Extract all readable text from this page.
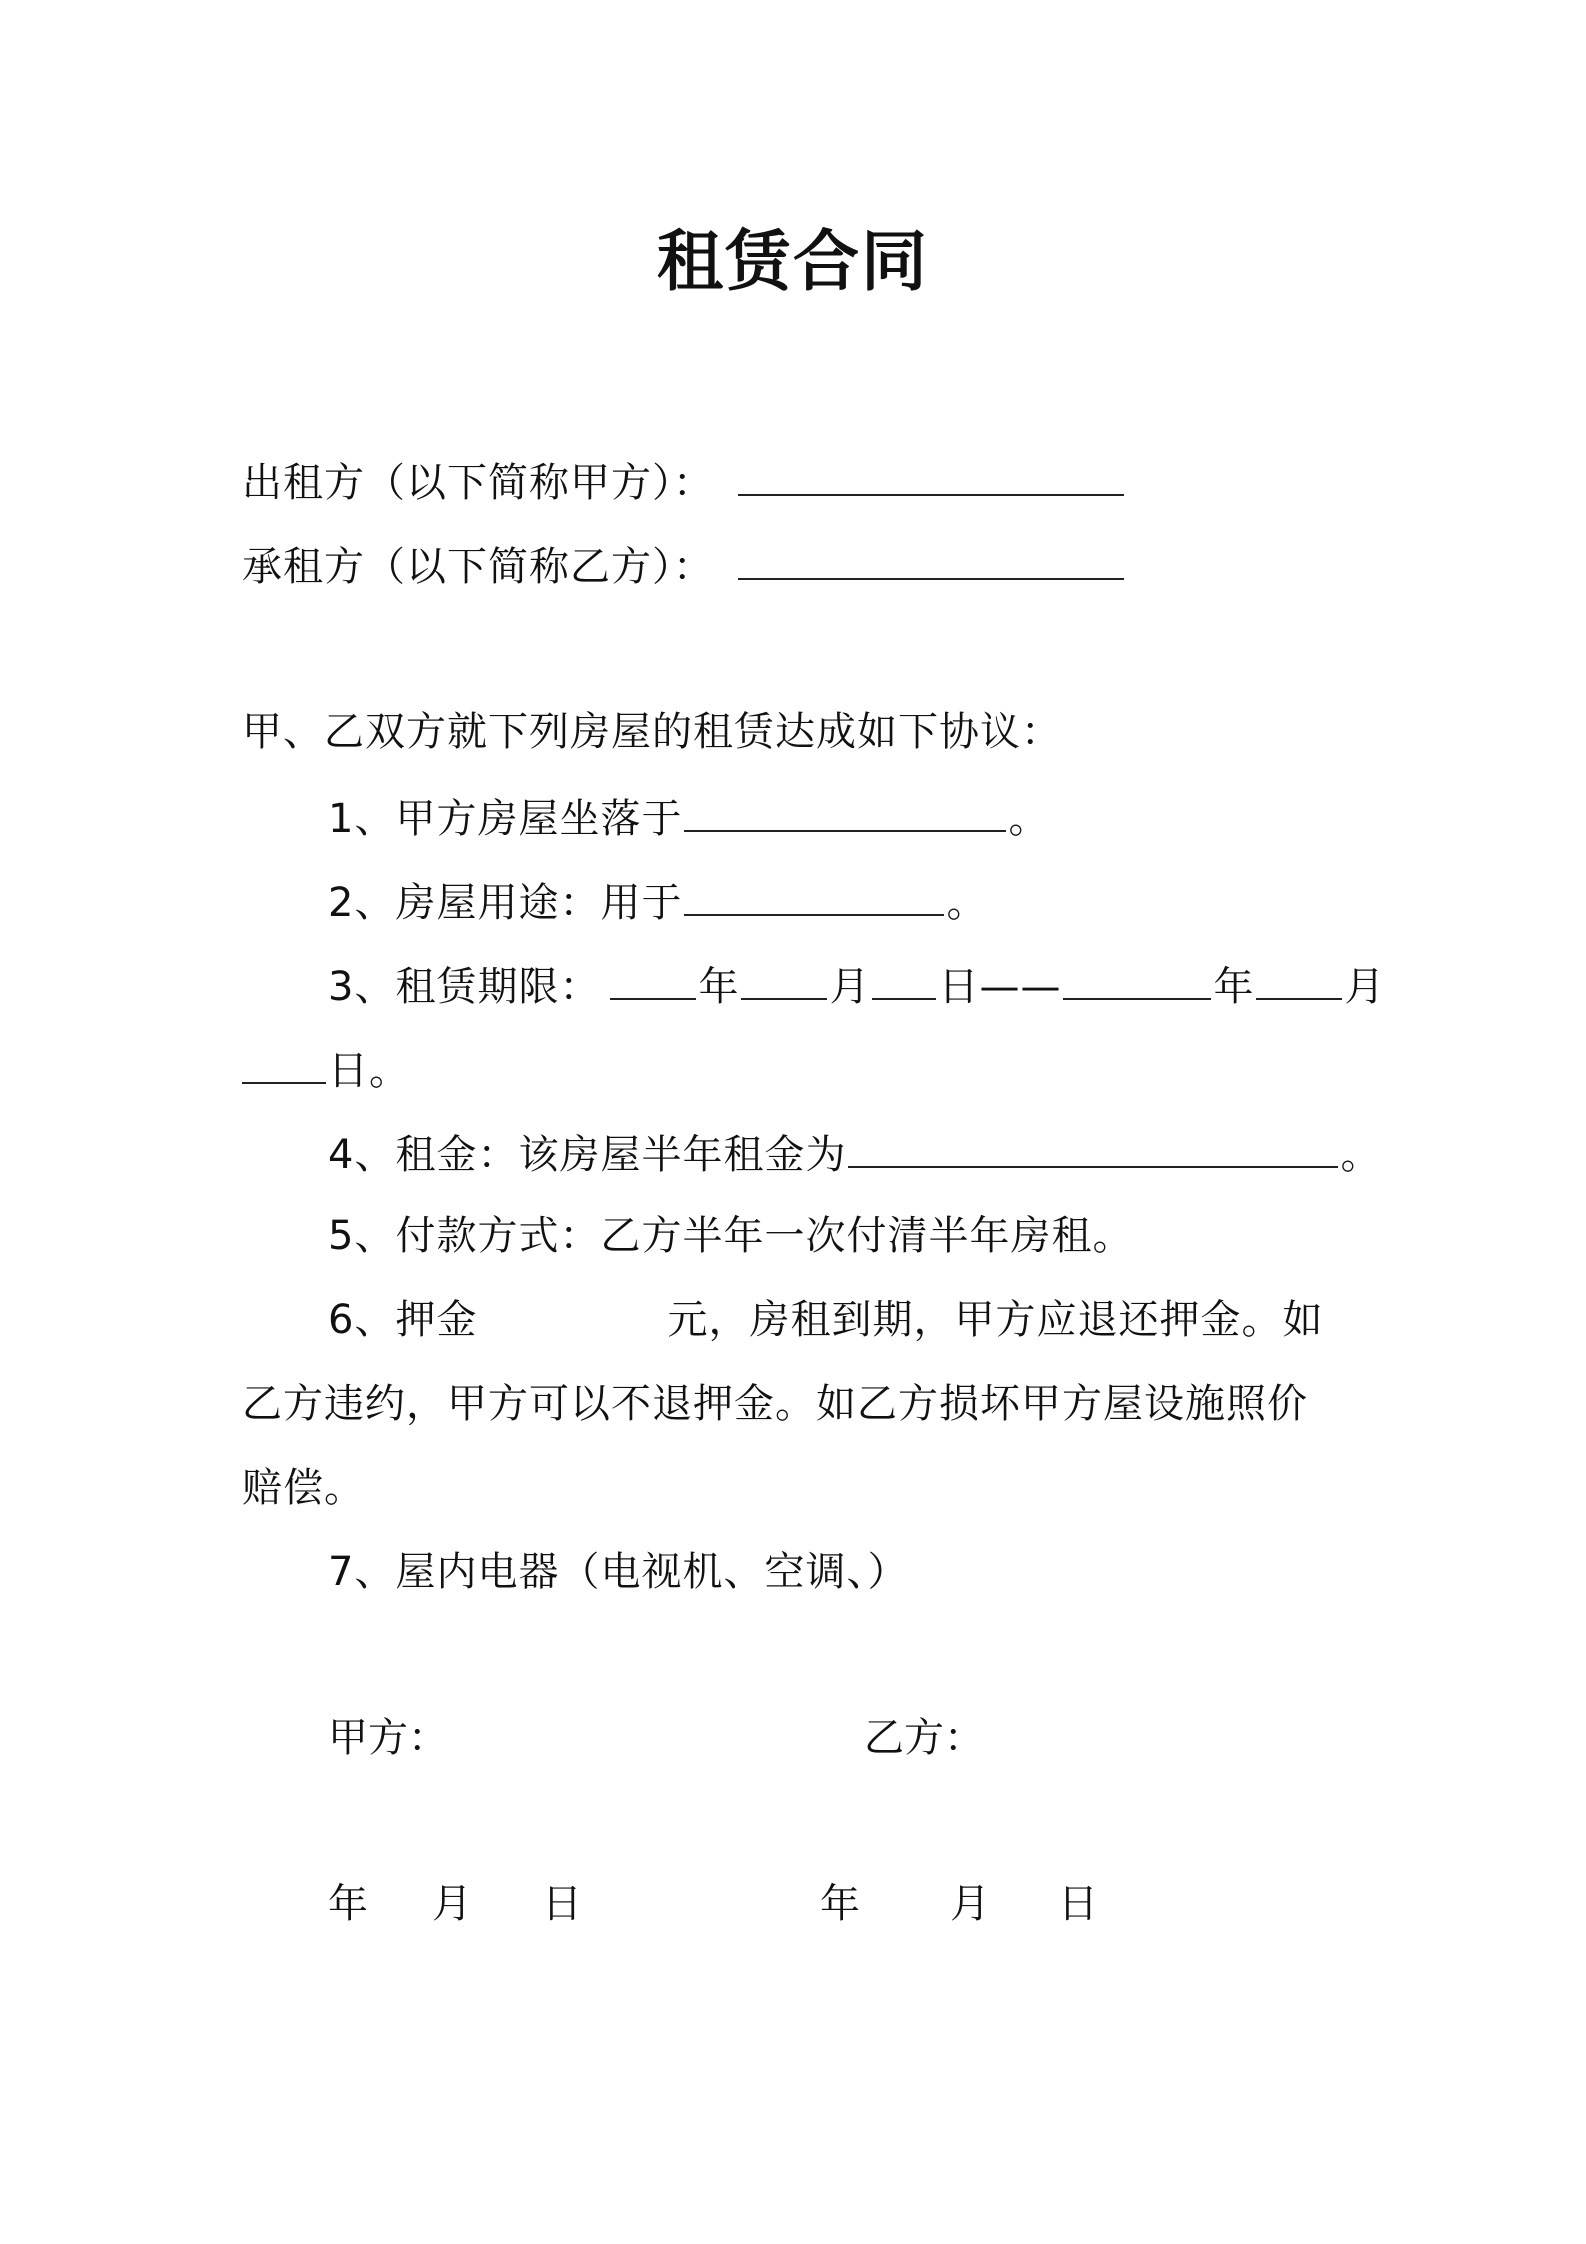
租赁合同
出租方（以下简称甲方）：
承租方（以下简称乙方）：
甲、乙双方就下列房屋的租赁达成如下协议：
1、甲方房屋坐落于	。
2、房屋用途：用于	。
3、租赁期限： 年 月 日——	年 月
日。
4、租金：该房屋半年租金为	。
5、付款方式：乙方半年一次付清半年房租。
6、押金	元，房租到期，甲方应退还押金。如
乙方违约，甲方可以不退押金。如乙方损坏甲方屋设施照价
赔偿。
7、屋内电器（电视机、空调、）
甲方：	乙方：
年 月 日	年 月 日
